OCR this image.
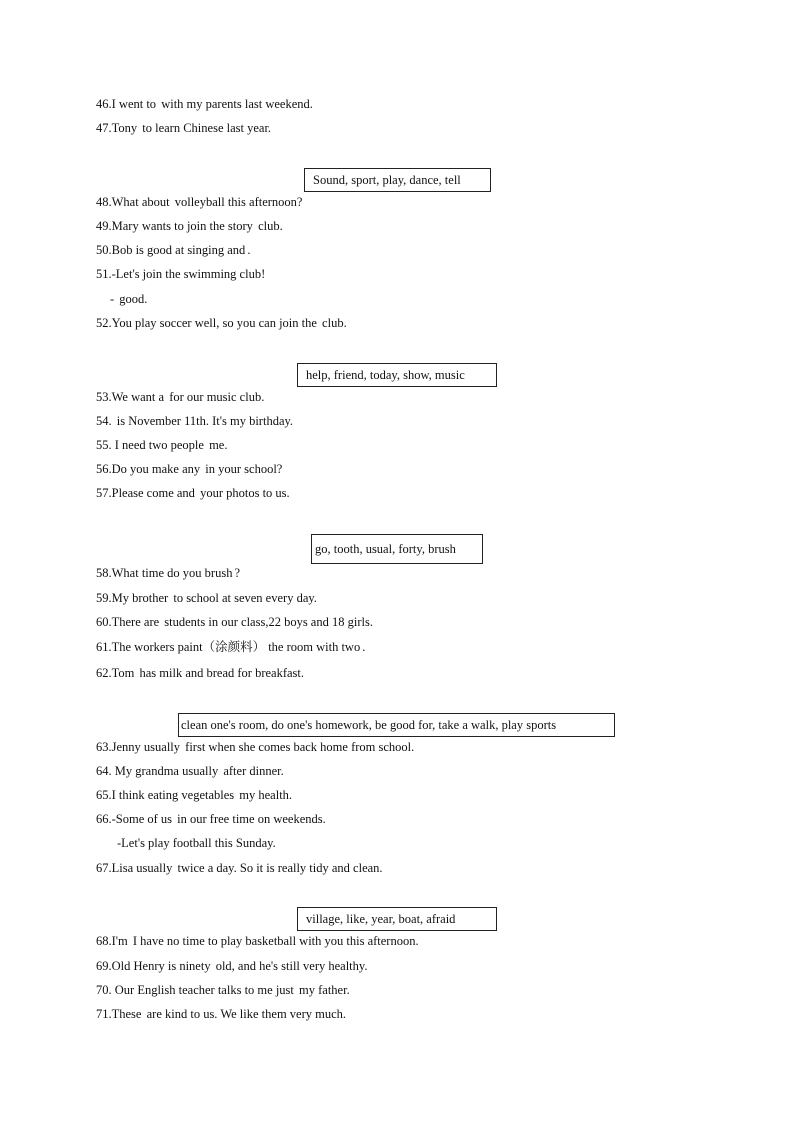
46.I went to with my parents last weekend.
47.Tony to learn Chinese last year.
Sound, sport, play, dance, tell
48.What about volleyball this afternoon?
49.Mary wants to join the story club.
50.Bob is good at singing and .
51.-Let's join the swimming club!
- good.
52.You play soccer well, so you can join the club.
help, friend, today, show, music
53.We want a for our music club.
54. is November 11th. It's my birthday.
55. I need two people me.
56.Do you make any in your school?
57.Please come and your photos to us.
go, tooth, usual, forty, brush
58.What time do you brush ?
59.My brother to school at seven every day.
60.There are students in our class,22 boys and 18 girls.
61.The workers paint（涂颜料） the room with two .
62.Tom has milk and bread for breakfast.
clean one's room, do one's homework, be good for, take a walk, play sports
63.Jenny usually first when she comes back home from school.
64. My grandma usually after dinner.
65.I think eating vegetables my health.
66.-Some of us in our free time on weekends.
-Let's play football this Sunday.
67.Lisa usually twice a day. So it is really tidy and clean.
village, like, year, boat, afraid
68.I'm I have no time to play basketball with you this afternoon.
69.Old Henry is ninety old, and he's still very healthy.
70. Our English teacher talks to me just my father.
71.These are kind to us. We like them very much.
